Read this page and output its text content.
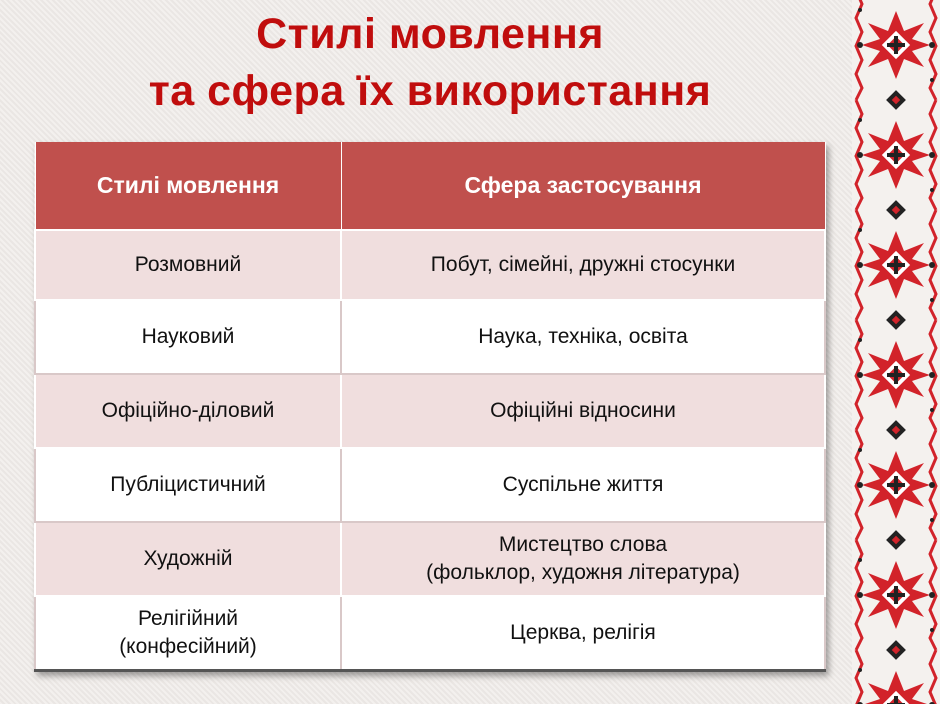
Стилі мовлення
та сфера їх використання
Стилі мовлення	Сфера застосування

Розмовний	Побут, сімейні, дружні стосунки

Науковий	Наука, техніка, освіта

Офіційно-діловий	Офіційні відносини

Публіцистичний	Суспільне життя

Художній	Мистецтво слова
(фольклор, художня література)

Релігійний
(конфесійний)	Церква, релігія
